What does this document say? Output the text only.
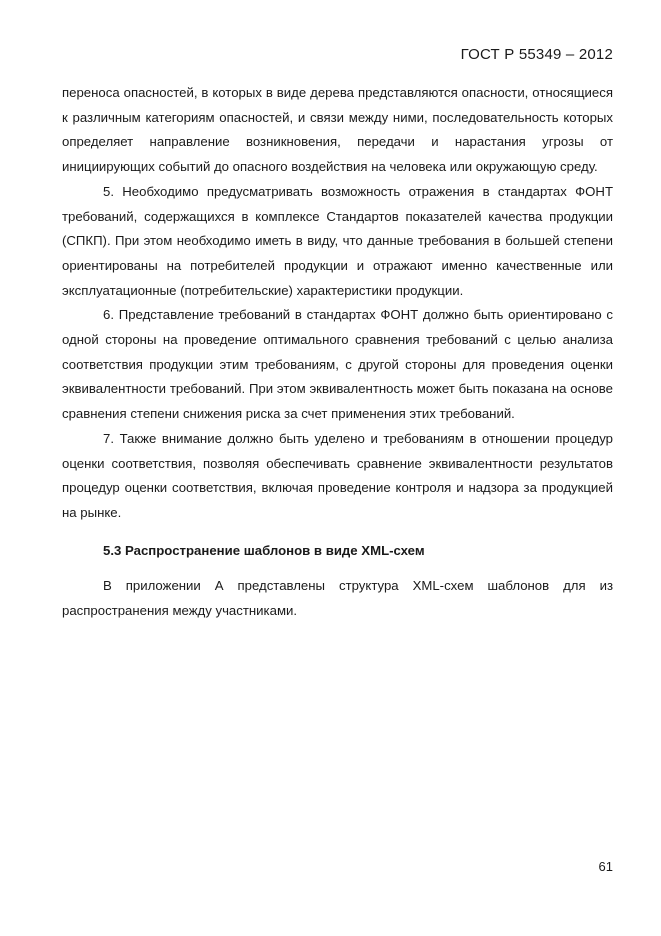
ГОСТ Р 55349 – 2012

переноса опасностей, в которых в виде дерева представляются опасности, относящиеся к различным категориям опасностей, и связи между ними, последовательность которых определяет направление возникновения, передачи и нарастания угрозы от инициирующих событий до опасного воздействия на человека или окружающую среду.

5. Необходимо предусматривать возможность отражения в стандартах ФОНТ требований, содержащихся в комплексе Стандартов показателей качества продукции (СПКП). При этом необходимо иметь в виду, что данные требования в большей степени ориентированы на потребителей продукции и отражают именно качественные или эксплуатационные (потребительские) характеристики продукции.

6. Представление требований в стандартах ФОНТ должно быть ориентировано с одной стороны на проведение оптимального сравнения требований с целью анализа соответствия продукции этим требованиям, с другой стороны для проведения оценки эквивалентности требований. При этом эквивалентность может быть показана на основе сравнения степени снижения риска за счет применения этих требований.

7. Также внимание должно быть уделено и требованиям в отношении процедур оценки соответствия, позволяя обеспечивать сравнение эквивалентности результатов процедур оценки соответствия, включая проведение контроля и надзора за продукцией на рынке.

5.3 Распространение шаблонов в виде XML-схем

В приложении А представлены структура XML-схем шаблонов для из распространения между участниками.

61
